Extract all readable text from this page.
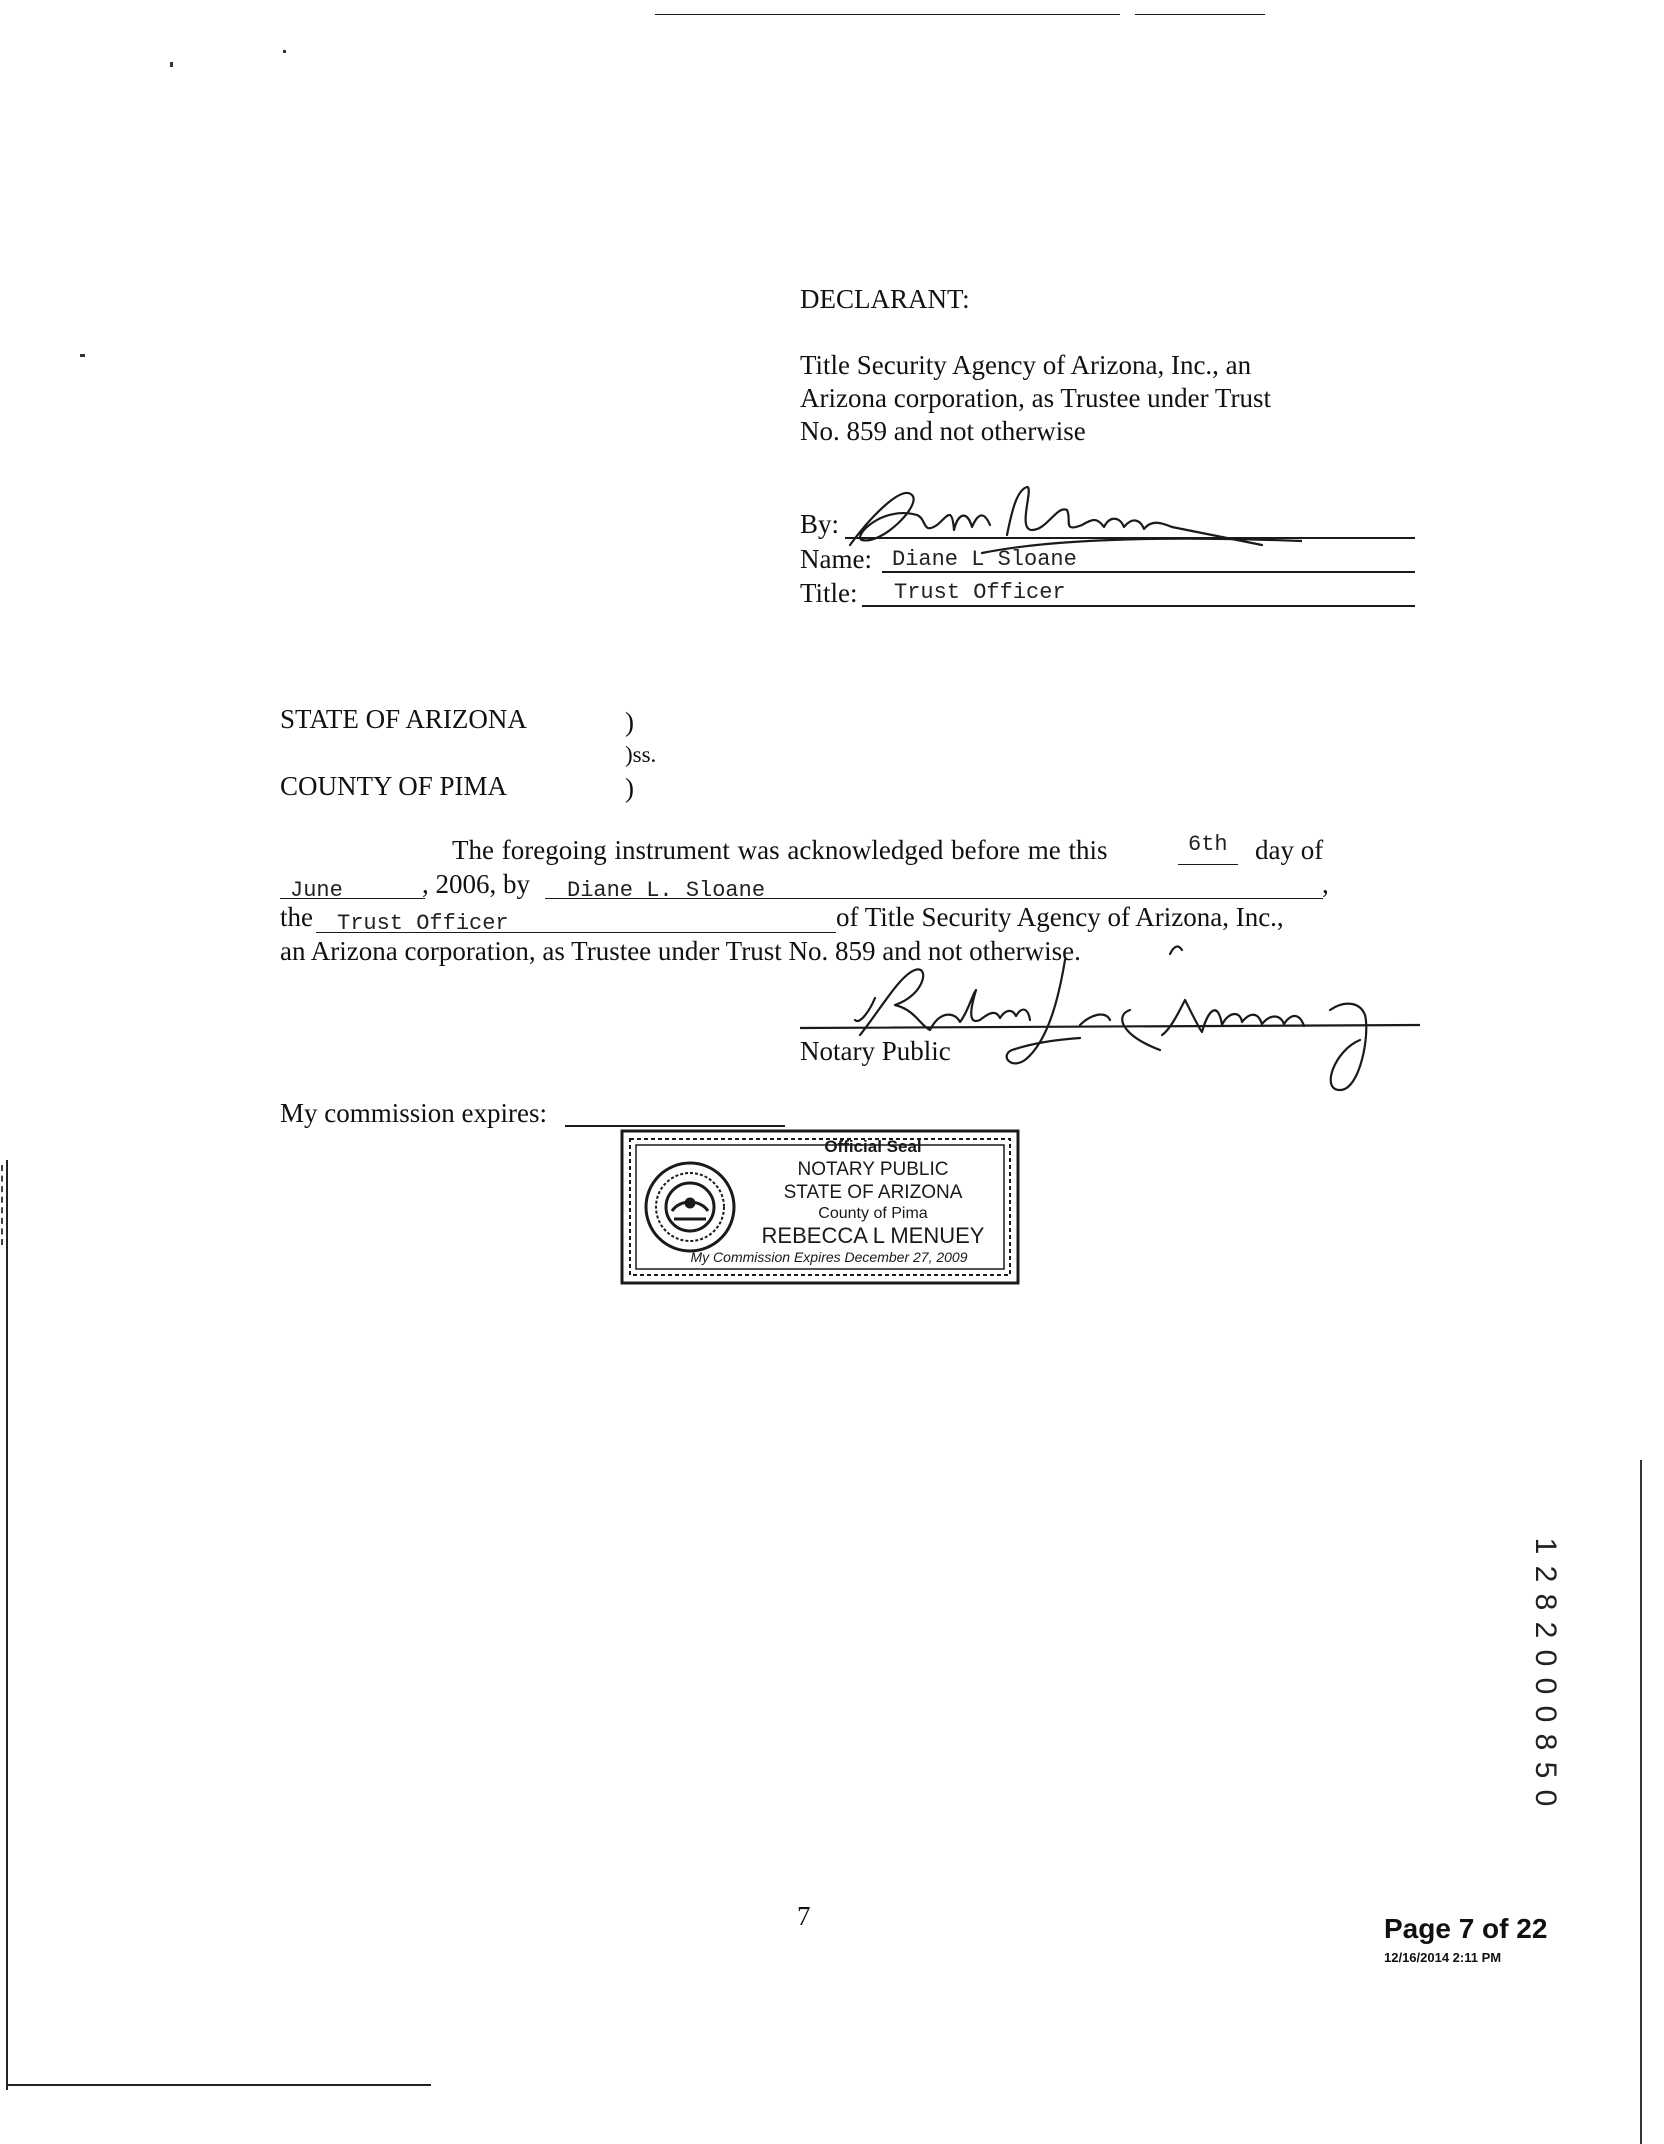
DECLARANT:
Title Security Agency of Arizona, Inc., an
Arizona corporation, as Trustee under Trust
No. 859 and not otherwise
By:
Name: Diane L Sloane
Title: Trust Officer
STATE OF ARIZONA	)
)ss.
COUNTY OF PIMA	)
The foregoing instrument was acknowledged before me this	6th day of
June	, 2006, by Diane L. Sloane	,
the Trust Officer	of Title Security Agency of Arizona, Inc.,
an Arizona corporation, as Trustee under Trust No. 859 and not otherwise.
Notary Public
My commission expires:
Official Seal
NOTARY PUBLIC
STATE OF ARIZONA
County of Pima
REBECCA L MENUEY
My Commission Expires December 27, 2009
1
2
8
2
0
0
0
8
5
0
7	Page 7 of 22
12/16/2014 2:11 PM
